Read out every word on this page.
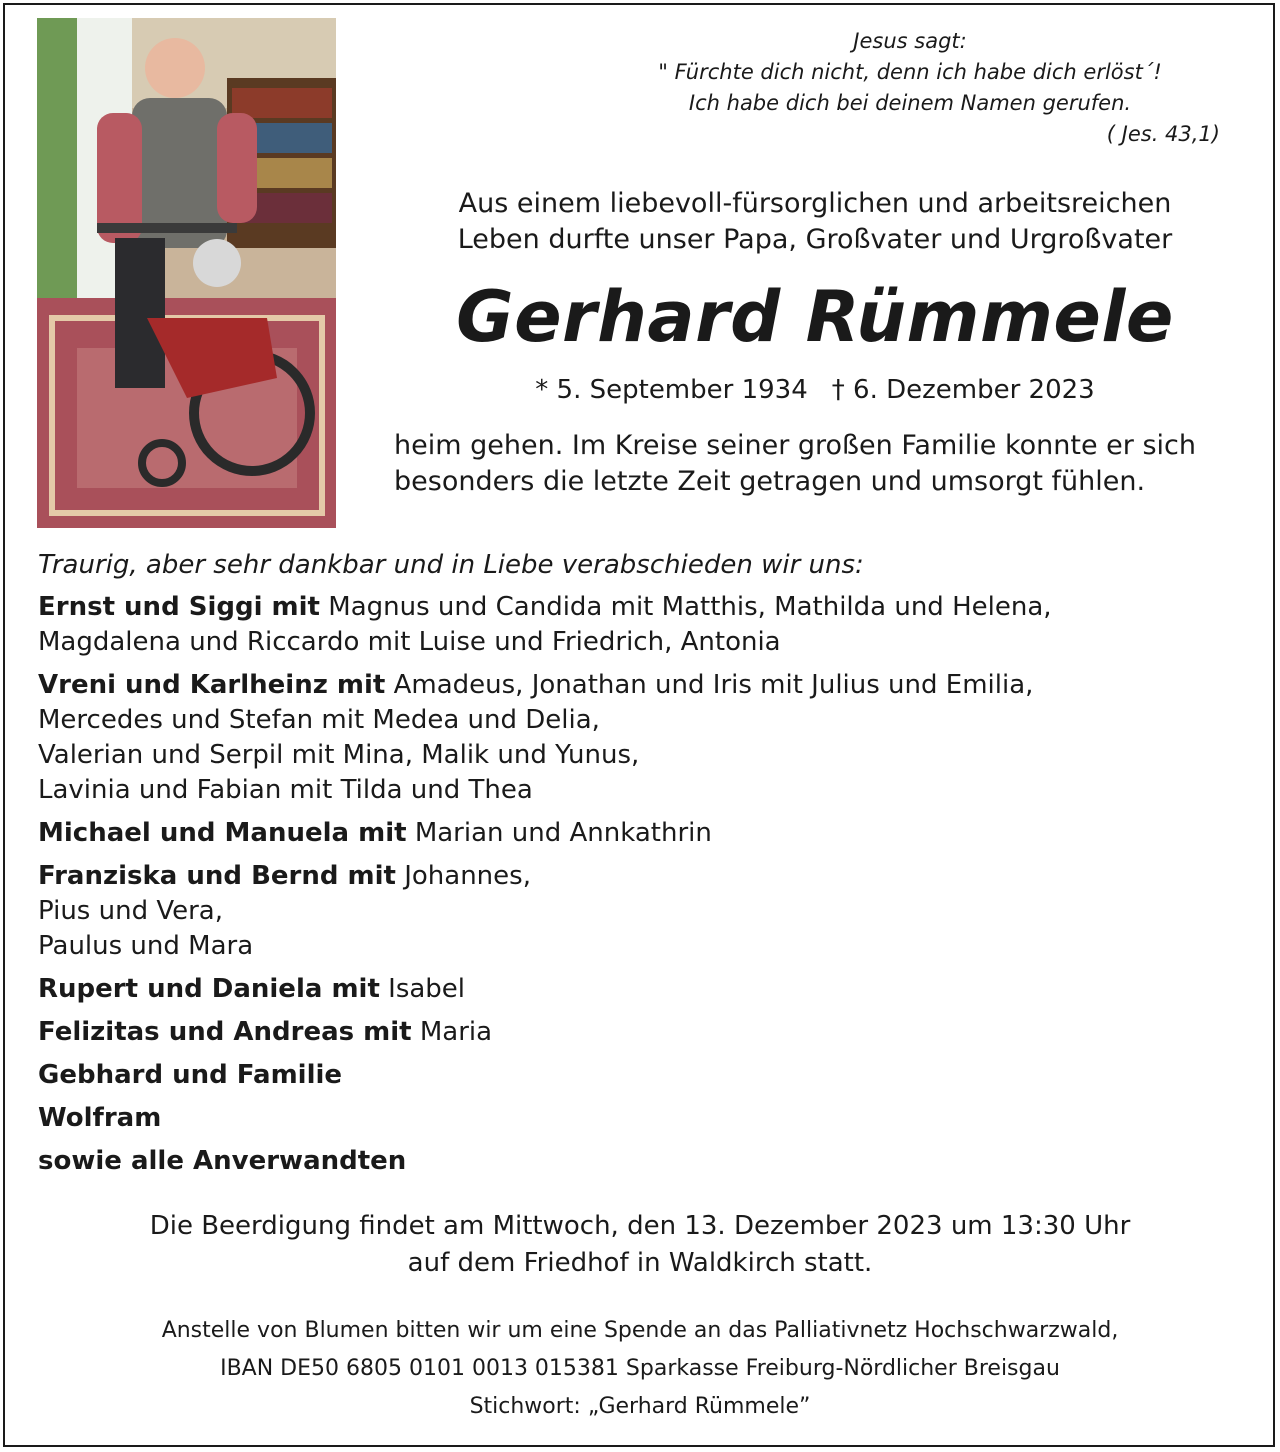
Jesus sagt:
" Fürchte dich nicht, denn ich habe dich erlöst´!
Ich habe dich bei deinem Namen gerufen.
( Jes. 43,1)
Aus einem liebevoll-fürsorglichen und arbeitsreichen
Leben durfte unser Papa, Großvater und Urgroßvater
Gerhard Rümmele
* 5. September 1934 † 6. Dezember 2023
heim gehen. Im Kreise seiner großen Familie konnte er sich
besonders die letzte Zeit getragen und umsorgt fühlen.
Traurig, aber sehr dankbar und in Liebe verabschieden wir uns:
Ernst und Siggi mit Magnus und Candida mit Matthis, Mathilda und Helena,
Magdalena und Riccardo mit Luise und Friedrich, Antonia
Vreni und Karlheinz mit Amadeus, Jonathan und Iris mit Julius und Emilia,
Mercedes und Stefan mit Medea und Delia,
Valerian und Serpil mit Mina, Malik und Yunus,
Lavinia und Fabian mit Tilda und Thea
Michael und Manuela mit Marian und Annkathrin
Franziska und Bernd mit Johannes,
Pius und Vera,
Paulus und Mara
Rupert und Daniela mit Isabel
Felizitas und Andreas mit Maria
Gebhard und Familie
Wolfram
sowie alle Anverwandten
Die Beerdigung findet am Mittwoch, den 13. Dezember 2023 um 13:30 Uhr
auf dem Friedhof in Waldkirch statt.
Anstelle von Blumen bitten wir um eine Spende an das Palliativnetz Hochschwarzwald,
IBAN DE50 6805 0101 0013 015381 Sparkasse Freiburg-Nördlicher Breisgau
Stichwort: „Gerhard Rümmele”
